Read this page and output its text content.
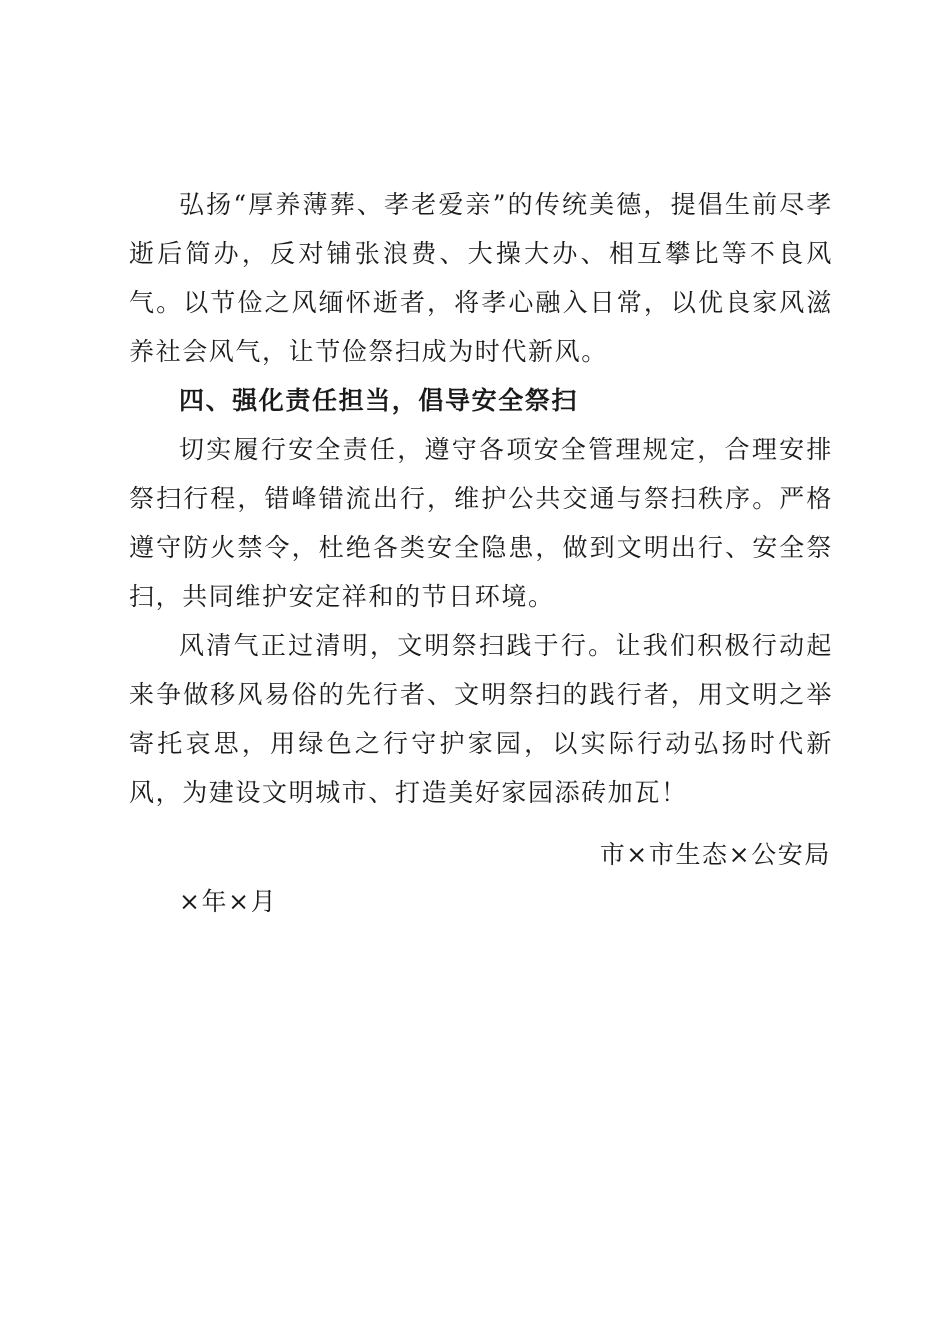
弘扬“厚养薄葬、孝老爱亲”的传统美德，提倡生前尽孝逝后简办，反对铺张浪费、大操大办、相互攀比等不良风气。以节俭之风缅怀逝者，将孝心融入日常，以优良家风滋养社会风气，让节俭祭扫成为时代新风。

四、强化责任担当，倡导安全祭扫

切实履行安全责任，遵守各项安全管理规定，合理安排祭扫行程，错峰错流出行，维护公共交通与祭扫秩序。严格遵守防火禁令，杜绝各类安全隐患，做到文明出行、安全祭扫，共同维护安定祥和的节日环境。

风清气正过清明，文明祭扫践于行。让我们积极行动起来争做移风易俗的先行者、文明祭扫的践行者，用文明之举寄托哀思，用绿色之行守护家园，以实际行动弘扬时代新风，为建设文明城市、打造美好家园添砖加瓦！

市×市生态×公安局
×年×月
